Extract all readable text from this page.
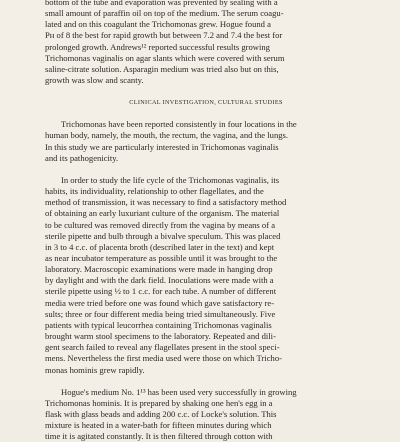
bottom of the tube and evaporation was prevented by sealing with a
small amount of paraffin oil on top of the medium. The serum coagu-
lated and on this coagulant the Trichomonas grew. Hogue found a
Pʜ of 8 the best for rapid growth but between 7.2 and 7.4 the best for
prolonged growth. Andrews¹² reported successful results growing
Trichomonas vaginalis on agar slants which were covered with serum
saline-citrate solution. Asparagin medium was tried also but on this,
growth was slow and scanty.

CLINICAL INVESTIGATION, CULTURAL STUDIES

Trichomonas have been reported consistently in four locations in the
human body, namely, the mouth, the rectum, the vagina, and the lungs.
In this study we are particularly interested in Trichomonas vaginalis
and its pathogenicity.

In order to study the life cycle of the Trichomonas vaginalis, its
habits, its individuality, relationship to other flagellates, and the
method of transmission, it was necessary to find a satisfactory method
of obtaining an early luxuriant culture of the organism. The material
to be cultured was removed directly from the vagina by means of a
sterile pipette and bulb through a bivalve speculum. This was placed
in 3 to 4 c.c. of placenta broth (described later in the text) and kept
as near incubator temperature as possible until it was brought to the
laboratory. Macroscopic examinations were made in hanging drop
by daylight and with the dark field. Inoculations were made with a
sterile pipette using ½ to 1 c.c. for each tube. A number of different
media were tried before one was found which gave satisfactory re-
sults; three or four different media being tried simultaneously. Five
patients with typical leucorrhea containing Trichomonas vaginalis
brought warm stool specimens to the laboratory. Repeated and dili-
gent search failed to reveal any flagellates present in the stool speci-
mens. Nevertheless the first media used were those on which Tricho-
monas hominis grew rapidly.

Hogue's medium No. 1¹³ has been used very successfully in growing
Trichomonas hominis. It is prepared by shaking one hen's egg in a
flask with glass beads and adding 200 c.c. of Locke's solution. This
mixture is heated in a water-bath for fifteen minutes during which
time it is agitated constantly. It is then filtered through cotton with
